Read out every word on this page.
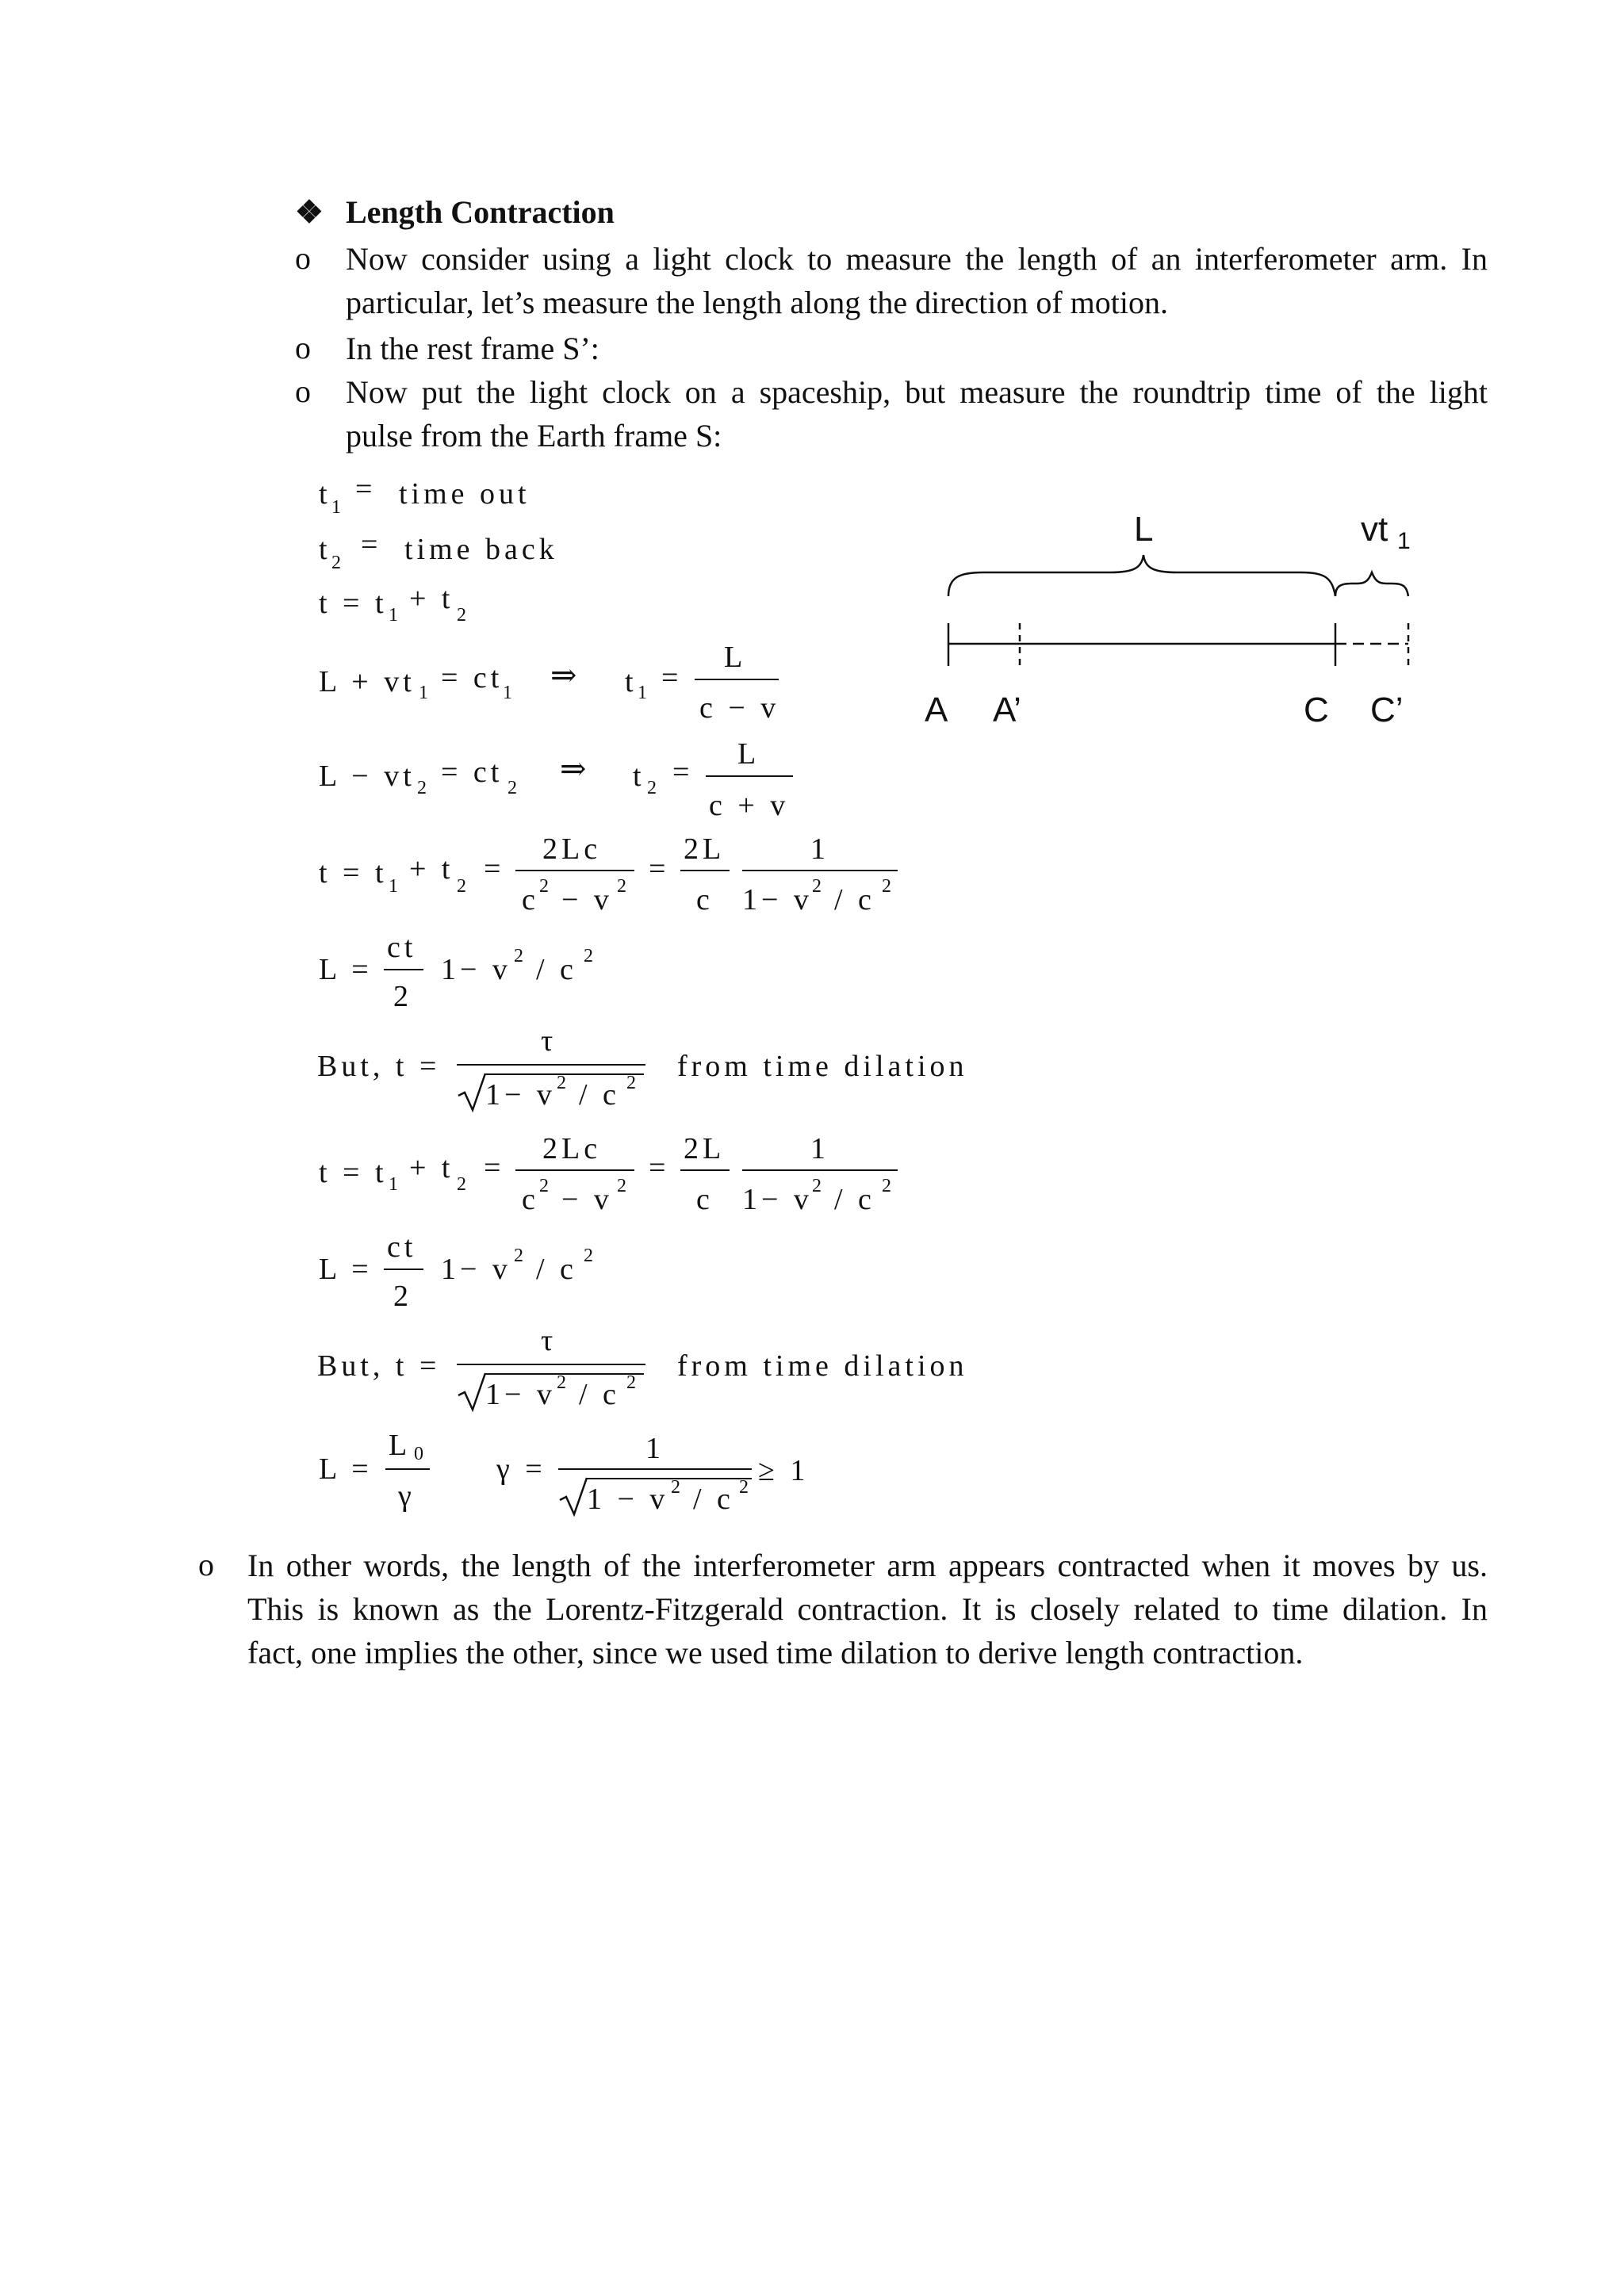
❖ Length Contraction
o Now consider using a light clock to measure the length of an interferometer arm. In
particular, let’s measure the length along the direction of motion.
o In the rest frame S’:
o Now put the light clock on a spaceship, but measure the roundtrip time of the light
pulse from the Earth frame S:
t 1
= time out
t 2
= time back
t = t 1 + t 2
L + vt 1 = ct 1 ⇒ t 1 =
L
c − v
L − vt 2 = ct 2
⇒ t 2 =
L
c + v
t = t 1
+ t
2
=
2Lc
c 2 − v 2
=
2L
c
1
1− v 2 / c 2
L =
ct
2
1− v 2 / c 2
But, t =
τ
1− v 2 / c 2 from time dilation
t = t 1 + t 2 =
2Lc
c 2 − v 2
=
2L
c
1
1− v 2 / c 2
L =
ct
2
1− v 2 / c 2
But, t =
τ
1− v 2 / c 2 from time dilation
L =
L 0
γ
γ =
1
1 − v 2 / c 2 ≥ 1
L	vt 1
A A’	C C’
o In other words, the length of the interferometer arm appears contracted when it moves by us.
This is known as the Lorentz-Fitzgerald contraction. It is closely related to time dilation. In
fact, one implies the other, since we used time dilation to derive length contraction.
